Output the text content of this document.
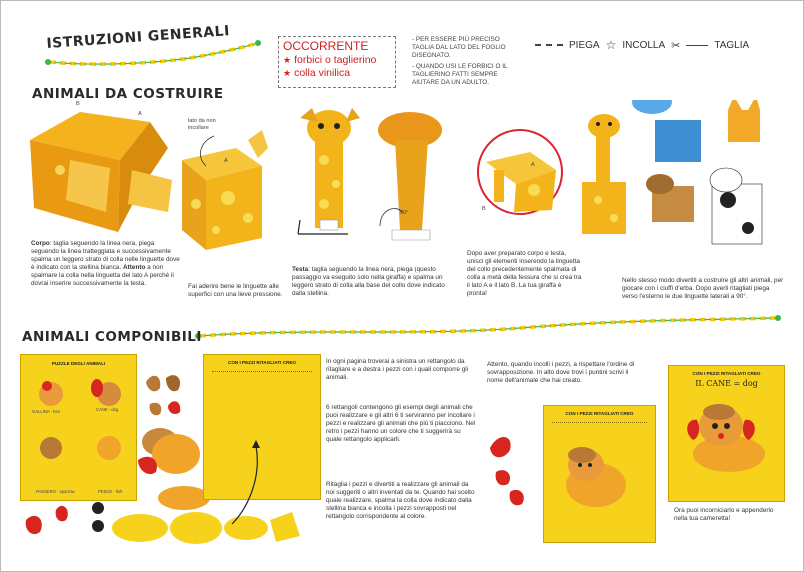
ISTRUZIONI GENERALI	OCCORRENTE
★ forbici o taglierino
★ colla vinilica
- PER ESSERE PIÙ PRECISO TAGLIA DAL LATO DEL FOGLIO DISEGNATO.
- QUANDO USI LE FORBICI O IL TAGLIERINO FATTI SEMPRE AIUTARE DA UN ADULTO.
PIEGA ☆ INCOLLA ✂	TAGLIA
ANIMALI DA COSTRUIRE
B
A
lato da non incollare
A
B
A
90°
Corpo: taglia seguendo la linea nera, piega seguendo la linea tratteggiata e successivamente spalma un leggero strato di colla nelle linguette dove è indicato con la stellina bianca. Attento a non spalmare la colla nella linguetta del lato A perché il dovrai inserire successivamente la testa.	Fai aderire bene le linguette alle superfici con una lieve pressione.
Testa: taglia seguendo la linea nera, piega (questo passaggio va eseguito solo nella giraffa) e spalma un leggero strato di colla alla base del collo dove indicato dalla stellina.
Dopo aver preparato corpo e testa, unisci gli elementi inserendo la linguetta del collo precedentemente spalmata di colla a metà della fessura che si crea tra il lato A e il lato B. La tua giraffa è pronta!
Nello stesso modo divertiti a costruire gli altri animali, per giocare con i ciuffi d'erba. Dopo averli ritagliati piega verso l'esterno le due linguette laterali a 90°.
ANIMALI COMPONIBILI
PUZZLE DEGLI ANIMALI
GALLINA - hen	CANE - dog
PASSERO - sparrow	PESCE - fish
CON I PEZZI RITAGLIATI CREO	In ogni pagina troverai a sinistra un rettangolo da ritagliare e a destra i pezzi con i quali comporre gli animali.
6 rettangoli contengono gli esempi degli animali che puoi realizzare e gli altri 6 ti serviranno per incollare i pezzi e realizzare gli animali che più ti piacciono. Nel retro i pezzi hanno un colore che ti suggerirà su quale rettangolo applicarli.
Ritaglia i pezzi e divertiti a realizzare gli animali da noi suggeriti o altri inventati da te. Quando hai scelto quale realizzare, spalma la colla dove indicato dalla stellina bianca e incolla i pezzi sovrapposti nel rettangolo corrispondente al colore.
Attento, quando incolli i pezzi, a rispettare l'ordine di sovrapposizione. In alto dove trovi i puntini scrivi il nome dell'animale che hai creato.
CON I PEZZI RITAGLIATI CREO
CON I PEZZI RITAGLIATI CREO
IL CANE = dog
Ora puoi incorniciarlo e appenderlo nella tua cameretta!
